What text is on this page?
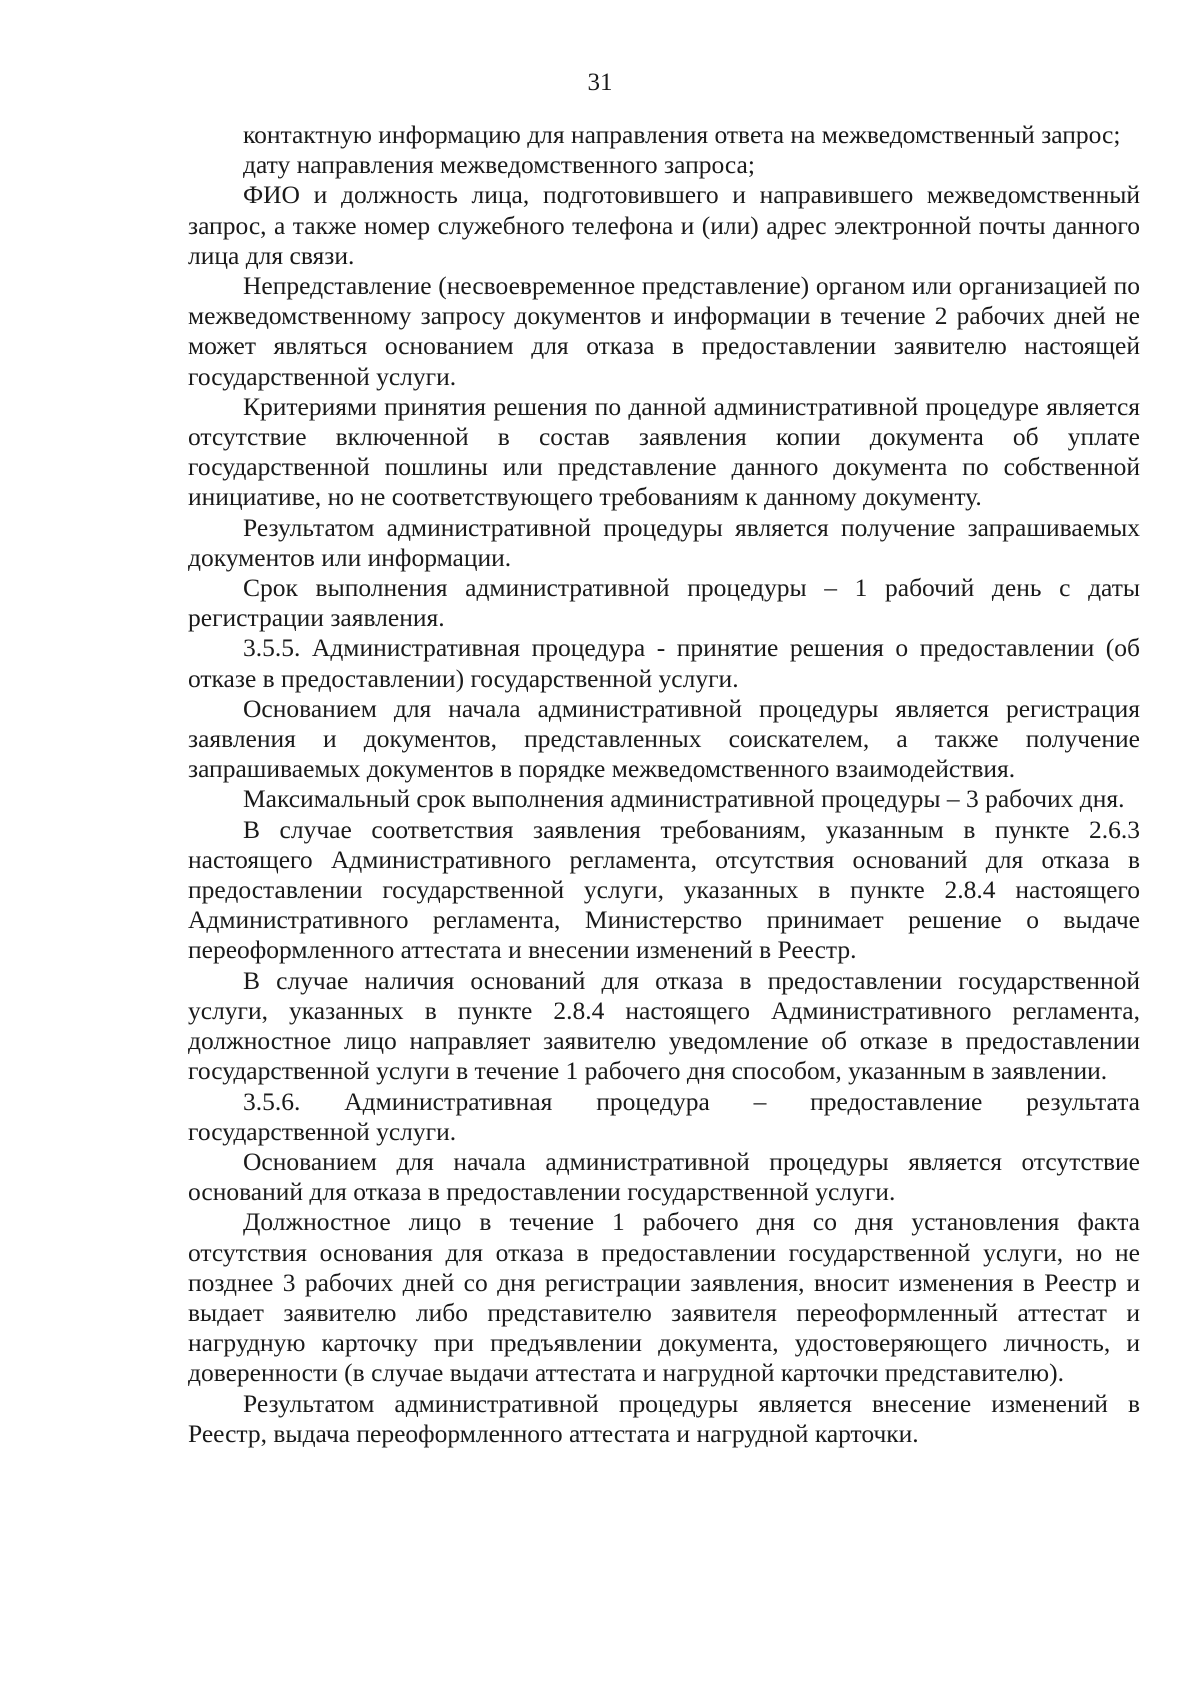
31

контактную информацию для направления ответа на межведомственный запрос;

дату направления межведомственного запроса;

ФИО и должность лица, подготовившего и направившего межведомственный запрос, а также номер служебного телефона и (или) адрес электронной почты данного лица для связи.

Непредставление (несвоевременное представление) органом или организацией по межведомственному запросу документов и информации в течение 2 рабочих дней не может являться основанием для отказа в предоставлении заявителю настоящей государственной услуги.

Критериями принятия решения по данной административной процедуре является отсутствие включенной в состав заявления копии документа об уплате государственной пошлины или представление данного документа по собственной инициативе, но не соответствующего требованиям к данному документу.

Результатом административной процедуры является получение запрашиваемых документов или информации.

Срок выполнения административной процедуры – 1 рабочий день с даты регистрации заявления.

3.5.5. Административная процедура - принятие решения о предоставлении (об отказе в предоставлении) государственной услуги.

Основанием для начала административной процедуры является регистрация заявления и документов, представленных соискателем, а также получение запрашиваемых документов в порядке межведомственного взаимодействия.

Максимальный срок выполнения административной процедуры – 3 рабочих дня.

В случае соответствия заявления требованиям, указанным в пункте 2.6.3 настоящего Административного регламента, отсутствия оснований для отказа в предоставлении государственной услуги, указанных в пункте 2.8.4 настоящего Административного регламента, Министерство принимает решение о выдаче переоформленного аттестата и внесении изменений в Реестр.

В случае наличия оснований для отказа в предоставлении государственной услуги, указанных в пункте 2.8.4 настоящего Административного регламента, должностное лицо направляет заявителю уведомление об отказе в предоставлении государственной услуги в течение 1 рабочего дня способом, указанным в заявлении.

3.5.6. Административная процедура – предоставление результата государственной услуги.

Основанием для начала административной процедуры является отсутствие оснований для отказа в предоставлении государственной услуги.

Должностное лицо в течение 1 рабочего дня со дня установления факта отсутствия основания для отказа в предоставлении государственной услуги, но не позднее 3 рабочих дней со дня регистрации заявления, вносит изменения в Реестр и выдает заявителю либо представителю заявителя переоформленный аттестат и нагрудную карточку при предъявлении документа, удостоверяющего личность, и доверенности (в случае выдачи аттестата и нагрудной карточки представителю).

Результатом административной процедуры является внесение изменений в Реестр, выдача переоформленного аттестата и нагрудной карточки.
